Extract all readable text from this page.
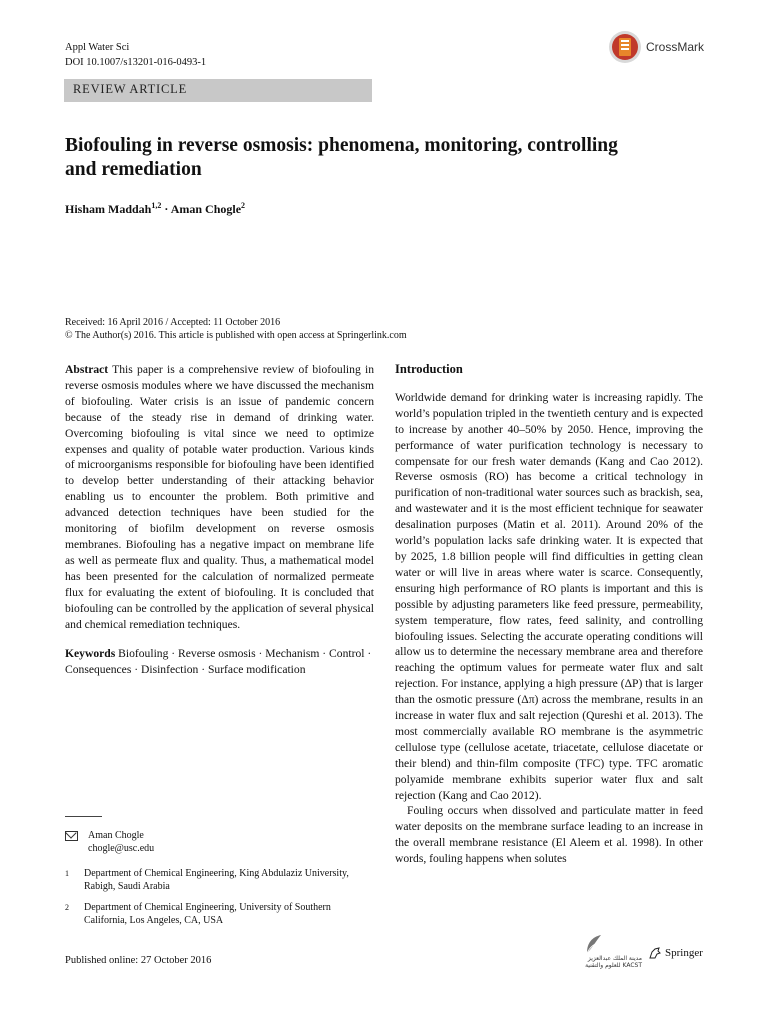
Appl Water Sci
DOI 10.1007/s13201-016-0493-1
CrossMark
REVIEW ARTICLE
Biofouling in reverse osmosis: phenomena, monitoring, controlling and remediation
Hisham Maddah$^{1,2}$ · Aman Chogle$^2$
Received: 16 April 2016 / Accepted: 11 October 2016
© The Author(s) 2016. This article is published with open access at Springerlink.com

Abstract This paper is a comprehensive review of biofouling in reverse osmosis modules where we have discussed the mechanism of biofouling. Water crisis is an issue of pandemic concern because of the steady rise in demand of drinking water. Overcoming biofouling is vital since we need to optimize expenses and quality of potable water production. Various kinds of microorganisms responsible for biofouling have been identified to develop better understanding of their attacking behavior enabling us to encounter the problem. Both primitive and advanced detection techniques have been studied for the monitoring of biofilm development on reverse osmosis membranes. Biofouling has a negative impact on membrane life as well as permeate flux and quality. Thus, a mathematical model has been presented for the calculation of normalized permeate flux for evaluating the extent of biofouling. It is concluded that biofouling can be controlled by the application of several physical and chemical remediation techniques.

Keywords Biofouling · Reverse osmosis · Mechanism · Control · Consequences · Disinfection · Surface modification

Aman Chogle
chogle@usc.edu
1	Department of Chemical Engineering, King Abdulaziz University, Rabigh, Saudi Arabia
2	Department of Chemical Engineering, University of Southern California, Los Angeles, CA, USA
Published online: 27 October 2016

Introduction

Worldwide demand for drinking water is increasing rapidly. The world’s population tripled in the twentieth century and is expected to increase by another 40–50% by 2050. Hence, improving the performance of water purification technology is necessary to compensate for our fresh water demands (Kang and Cao 2012). Reverse osmosis (RO) has become a critical technology in purification of non-traditional water sources such as brackish, sea, and wastewater and it is the most efficient technique for seawater desalination purposes (Matin et al. 2011). Around 20% of the world’s population lacks safe drinking water. It is expected that by 2025, 1.8 billion people will find difficulties in getting clean water or will live in areas where water is scarce. Consequently, ensuring high performance of RO plants is important and this is possible by adjusting parameters like feed pressure, permeability, system temperature, flow rates, feed salinity, and controlling biofouling issues. Selecting the accurate operating conditions will allow us to determine the necessary membrane area and therefore reaching the optimum values for permeate water flux and salt rejection. For instance, applying a high pressure (ΔP) that is larger than the osmotic pressure (Δπ) across the membrane, results in an increase in water flux and salt rejection (Qureshi et al. 2013). The most commercially available RO membrane is the asymmetric cellulose type (cellulose acetate, triacetate, cellulose diacetate or their blend) and thin-film composite (TFC) type. TFC aromatic polyamide membrane exhibits superior water flux and salt rejection (Kang and Cao 2012).

Fouling occurs when dissolved and particulate matter in feed water deposits on the membrane surface leading to an increase in the overall membrane resistance (El Aleem et al. 1998). In other words, fouling happens when solutes

مدينة الملك عبدالعزيز للعلوم والتقنية KACST
Springer
